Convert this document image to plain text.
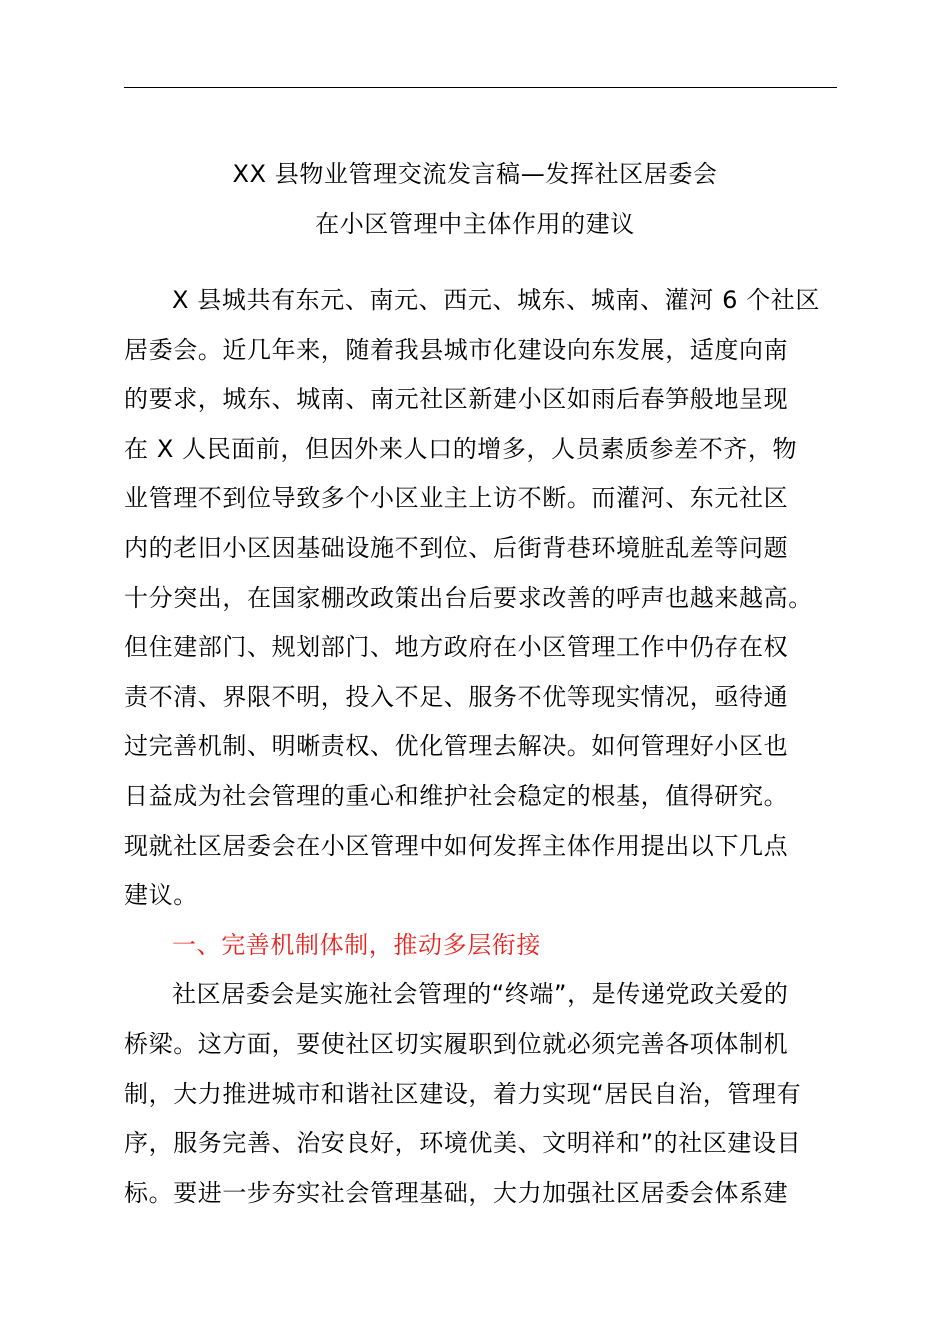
XX 县物业管理交流发言稿—发挥社区居委会
在小区管理中主体作用的建议
X 县城共有东元、南元、西元、城东、城南、灌河 6 个社区
居委会。近几年来，随着我县城市化建设向东发展，适度向南
的要求，城东、城南、南元社区新建小区如雨后春笋般地呈现
在 X 人民面前，但因外来人口的增多，人员素质参差不齐，物
业管理不到位导致多个小区业主上访不断。而灌河、东元社区
内的老旧小区因基础设施不到位、后街背巷环境脏乱差等问题
十分突出，在国家棚改政策出台后要求改善的呼声也越来越高。
但住建部门、规划部门、地方政府在小区管理工作中仍存在权
责不清、界限不明，投入不足、服务不优等现实情况，亟待通
过完善机制、明晰责权、优化管理去解决。如何管理好小区也
日益成为社会管理的重心和维护社会稳定的根基，值得研究。
现就社区居委会在小区管理中如何发挥主体作用提出以下几点
建议。
一、完善机制体制，推动多层衔接
社区居委会是实施社会管理的“终端”，是传递党政关爱的
桥梁。这方面，要使社区切实履职到位就必须完善各项体制机
制，大力推进城市和谐社区建设，着力实现“居民自治，管理有
序，服务完善、治安良好，环境优美、文明祥和”的社区建设目
标。要进一步夯实社会管理基础，大力加强社区居委会体系建
